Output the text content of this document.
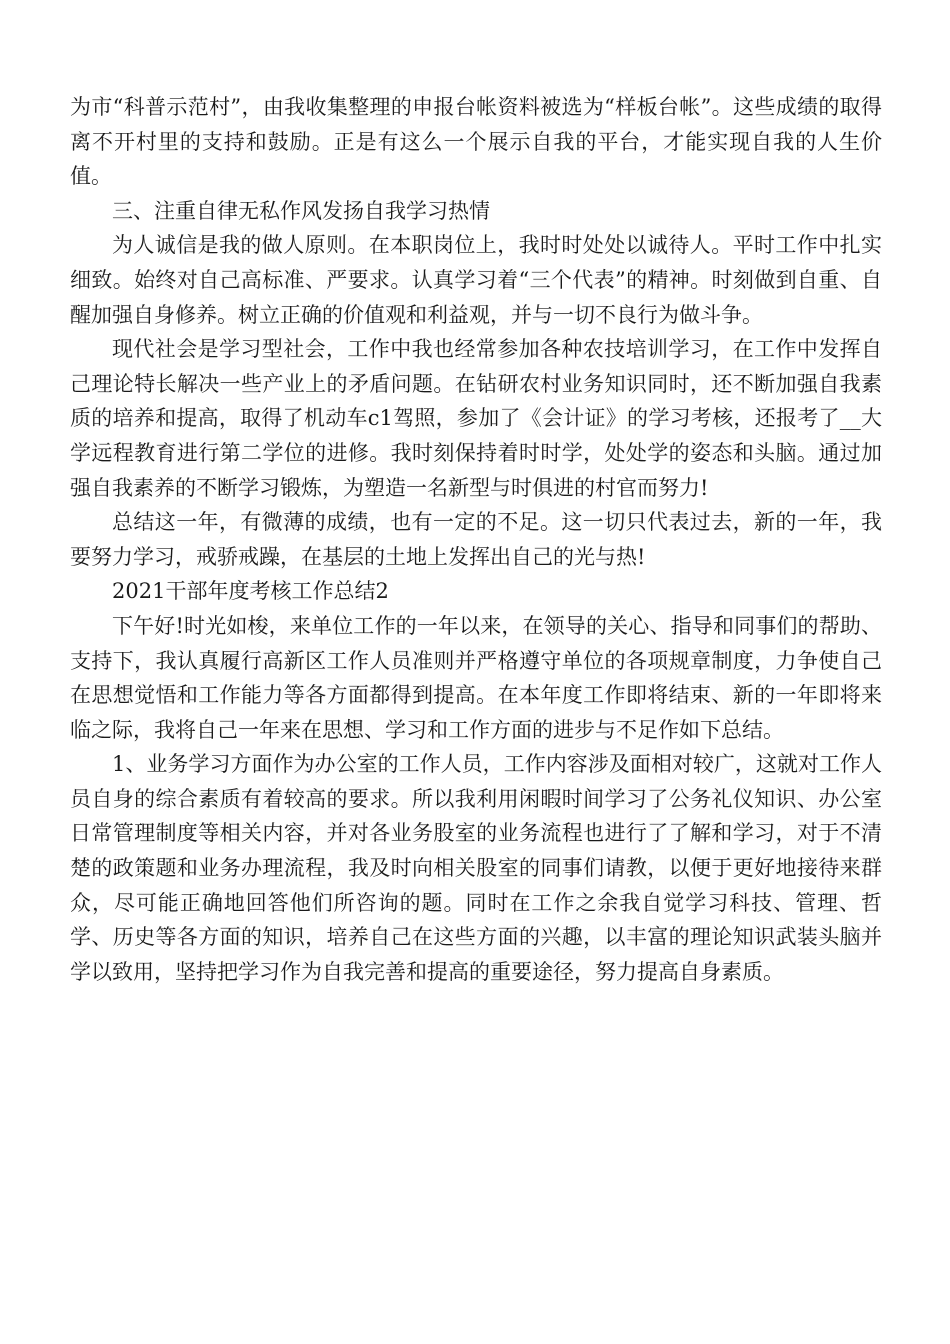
为市“科普示范村”，由我收集整理的申报台帐资料被选为“样板台帐”。这些成绩的取得离不开村里的支持和鼓励。正是有这么一个展示自我的平台，才能实现自我的人生价值。

三、注重自律无私作风发扬自我学习热情

为人诚信是我的做人原则。在本职岗位上，我时时处处以诚待人。平时工作中扎实细致。始终对自己高标准、严要求。认真学习着“三个代表”的精神。时刻做到自重、自醒加强自身修养。树立正确的价值观和利益观，并与一切不良行为做斗争。

现代社会是学习型社会，工作中我也经常参加各种农技培训学习，在工作中发挥自己理论特长解决一些产业上的矛盾问题。在钻研农村业务知识同时，还不断加强自我素质的培养和提高，取得了机动车c1驾照，参加了《会计证》的学习考核，还报考了__大学远程教育进行第二学位的进修。我时刻保持着时时学，处处学的姿态和头脑。通过加强自我素养的不断学习锻炼，为塑造一名新型与时俱进的村官而努力!

总结这一年，有微薄的成绩，也有一定的不足。这一切只代表过去，新的一年，我要努力学习，戒骄戒躁，在基层的土地上发挥出自己的光与热!

2021干部年度考核工作总结2

下午好!时光如梭，来单位工作的一年以来，在领导的关心、指导和同事们的帮助、支持下，我认真履行高新区工作人员准则并严格遵守单位的各项规章制度，力争使自己在思想觉悟和工作能力等各方面都得到提高。在本年度工作即将结束、新的一年即将来临之际，我将自己一年来在思想、学习和工作方面的进步与不足作如下总结。

1、业务学习方面作为办公室的工作人员，工作内容涉及面相对较广，这就对工作人员自身的综合素质有着较高的要求。所以我利用闲暇时间学习了公务礼仪知识、办公室日常管理制度等相关内容，并对各业务股室的业务流程也进行了了解和学习，对于不清楚的政策题和业务办理流程，我及时向相关股室的同事们请教，以便于更好地接待来群众，尽可能正确地回答他们所咨询的题。同时在工作之余我自觉学习科技、管理、哲学、历史等各方面的知识，培养自己在这些方面的兴趣，以丰富的理论知识武装头脑并学以致用，坚持把学习作为自我完善和提高的重要途径，努力提高自身素质。
